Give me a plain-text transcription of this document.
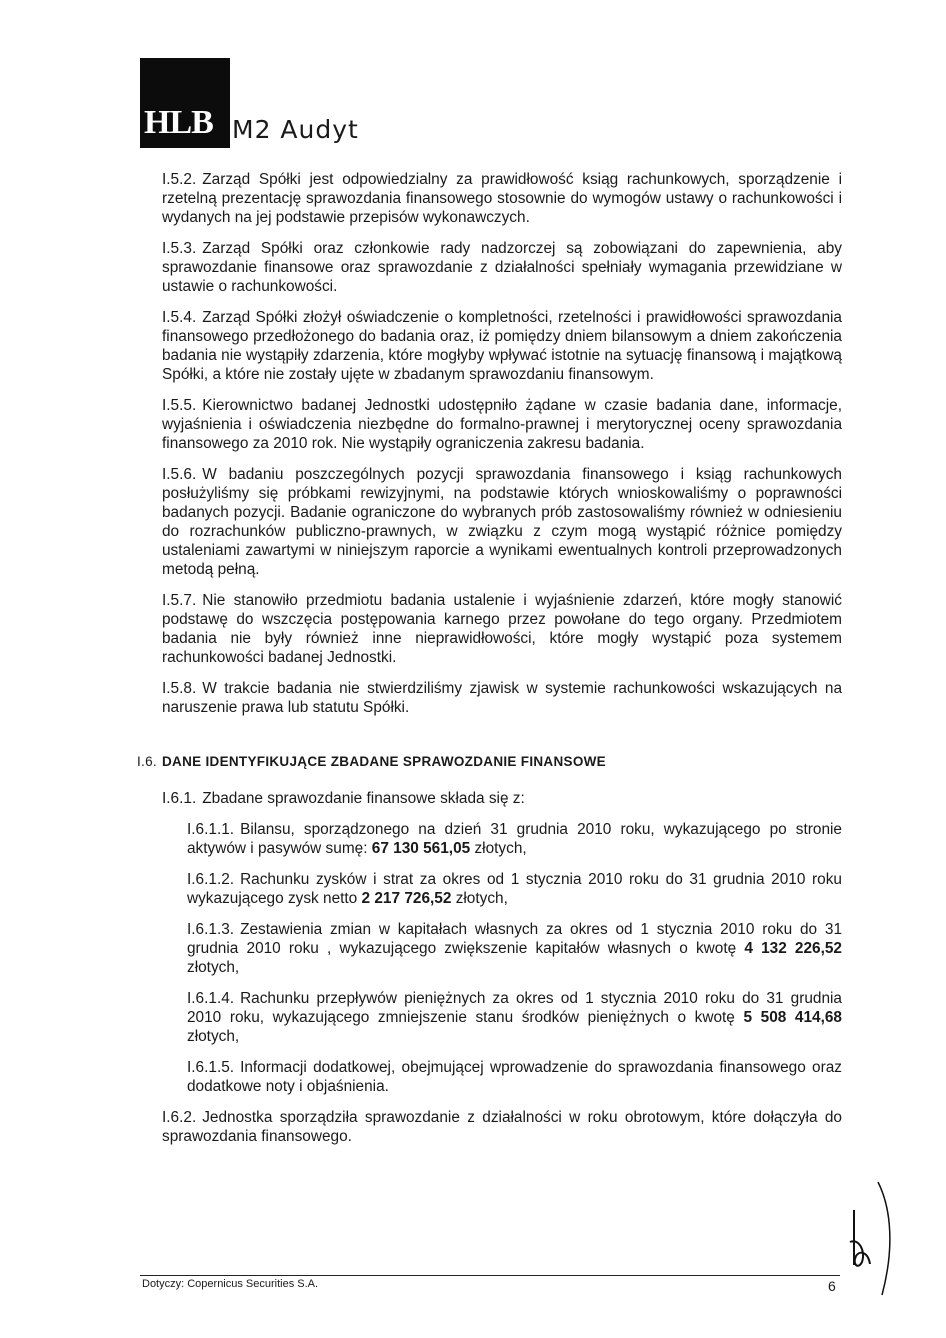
HLB M2 Audyt

I.5.2. Zarząd Spółki jest odpowiedzialny za prawidłowość ksiąg rachunkowych, sporządzenie i rzetelną prezentację sprawozdania finansowego stosownie do wymogów ustawy o rachunkowości i wydanych na jej podstawie przepisów wykonawczych.

I.5.3. Zarząd Spółki oraz członkowie rady nadzorczej są zobowiązani do zapewnienia, aby sprawozdanie finansowe oraz sprawozdanie z działalności spełniały wymagania przewidziane w ustawie o rachunkowości.

I.5.4. Zarząd Spółki złożył oświadczenie o kompletności, rzetelności i prawidłowości sprawozdania finansowego przedłożonego do badania oraz, iż pomiędzy dniem bilansowym a dniem zakończenia badania nie wystąpiły zdarzenia, które mogłyby wpływać istotnie na sytuację finansową i majątkową Spółki, a które nie zostały ujęte w zbadanym sprawozdaniu finansowym.

I.5.5. Kierownictwo badanej Jednostki udostępniło żądane w czasie badania dane, informacje, wyjaśnienia i oświadczenia niezbędne do formalno-prawnej i merytorycznej oceny sprawozdania finansowego za 2010 rok. Nie wystąpiły ograniczenia zakresu badania.

I.5.6. W badaniu poszczególnych pozycji sprawozdania finansowego i ksiąg rachunkowych posłużyliśmy się próbkami rewizyjnymi, na podstawie których wnioskowaliśmy o poprawności badanych pozycji. Badanie ograniczone do wybranych prób zastosowaliśmy również w odniesieniu do rozrachunków publiczno-prawnych, w związku z czym mogą wystąpić różnice pomiędzy ustaleniami zawartymi w niniejszym raporcie a wynikami ewentualnych kontroli przeprowadzonych metodą pełną.

I.5.7. Nie stanowiło przedmiotu badania ustalenie i wyjaśnienie zdarzeń, które mogły stanowić podstawę do wszczęcia postępowania karnego przez powołane do tego organy. Przedmiotem badania nie były również inne nieprawidłowości, które mogły wystąpić poza systemem rachunkowości badanej Jednostki.

I.5.8. W trakcie badania nie stwierdziliśmy zjawisk w systemie rachunkowości wskazujących na naruszenie prawa lub statutu Spółki.

I.6. DANE IDENTYFIKUJĄCE ZBADANE SPRAWOZDANIE FINANSOWE

I.6.1. Zbadane sprawozdanie finansowe składa się z:

I.6.1.1. Bilansu, sporządzonego na dzień 31 grudnia 2010 roku, wykazującego po stronie aktywów i pasywów sumę: 67 130 561,05 złotych,

I.6.1.2. Rachunku zysków i strat za okres od 1 stycznia 2010 roku do 31 grudnia 2010 roku wykazującego zysk netto 2 217 726,52 złotych,

I.6.1.3. Zestawienia zmian w kapitałach własnych za okres od 1 stycznia 2010 roku do 31 grudnia 2010 roku , wykazującego zwiększenie kapitałów własnych o kwotę 4 132 226,52 złotych,

I.6.1.4. Rachunku przepływów pieniężnych za okres od 1 stycznia 2010 roku do 31 grudnia 2010 roku, wykazującego zmniejszenie stanu środków pieniężnych o kwotę 5 508 414,68 złotych,

I.6.1.5. Informacji dodatkowej, obejmującej wprowadzenie do sprawozdania finansowego oraz dodatkowe noty i objaśnienia.

I.6.2. Jednostka sporządziła sprawozdanie z działalności w roku obrotowym, które dołączyła do sprawozdania finansowego.

Dotyczy: Copernicus Securities S.A.	6
